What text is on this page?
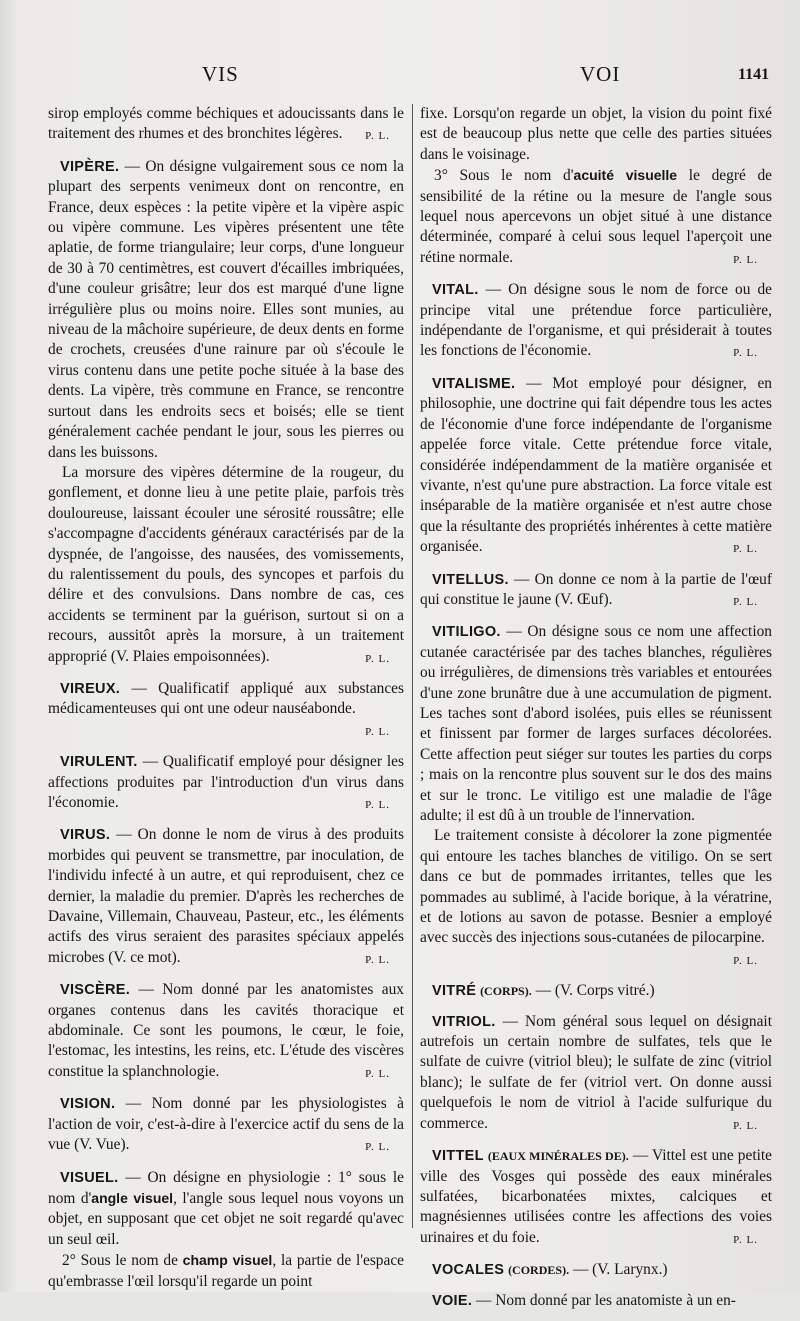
VIS	VOI	1141

sirop employés comme béchiques et adoucissants dans le traitement des rhumes et des bronchites légères. P. L.

VIPÈRE. — On désigne vulgairement sous ce nom la plupart des serpents venimeux dont on rencontre, en France, deux espèces : la petite vipère et la vipère aspic ou vipère commune. Les vipères présentent une tête aplatie, de forme triangulaire; leur corps, d'une longueur de 30 à 70 centimètres, est couvert d'écailles imbriquées, d'une couleur grisâtre; leur dos est marqué d'une ligne irrégulière plus ou moins noire. Elles sont munies, au niveau de la mâchoire supérieure, de deux dents en forme de crochets, creusées d'une rainure par où s'écoule le virus contenu dans une petite poche située à la base des dents. La vipère, très commune en France, se rencontre surtout dans les endroits secs et boisés; elle se tient généralement cachée pendant le jour, sous les pierres ou dans les buissons.

La morsure des vipères détermine de la rougeur, du gonflement, et donne lieu à une petite plaie, parfois très douloureuse, laissant écouler une sérosité roussâtre; elle s'accompagne d'accidents généraux caractérisés par de la dyspnée, de l'angoisse, des nausées, des vomissements, du ralentissement du pouls, des syncopes et parfois du délire et des convulsions. Dans nombre de cas, ces accidents se terminent par la guérison, surtout si on a recours, aussitôt après la morsure, à un traitement approprié (V. Plaies empoisonnées).	P. L.

VIREUX. — Qualificatif appliqué aux substances médicamenteuses qui ont une odeur nauséabonde.
P. L.

VIRULENT. — Qualificatif employé pour désigner les affections produites par l'introduction d'un virus dans l'économie.	P. L.

VIRUS. — On donne le nom de virus à des produits morbides qui peuvent se transmettre, par inoculation, de l'individu infecté à un autre, et qui reproduisent, chez ce dernier, la maladie du premier. D'après les recherches de Davaine, Villemain, Chauveau, Pasteur, etc., les éléments actifs des virus seraient des parasites spéciaux appelés microbes (V. ce mot).	P. L.

VISCÈRE. — Nom donné par les anatomistes aux organes contenus dans les cavités thoracique et abdominale. Ce sont les poumons, le cœur, le foie, l'estomac, les intestins, les reins, etc. L'étude des viscères constitue la splanchnologie.	P. L.

VISION. — Nom donné par les physiologistes à l'action de voir, c'est-à-dire à l'exercice actif du sens de la vue (V. Vue).	P. L.

VISUEL. — On désigne en physiologie : 1° sous le nom d'angle visuel, l'angle sous lequel nous voyons un objet, en supposant que cet objet ne soit regardé qu'avec un seul œil.

2° Sous le nom de champ visuel, la partie de l'espace qu'embrasse l'œil lorsqu'il regarde un point

fixe. Lorsqu'on regarde un objet, la vision du point fixé est de beaucoup plus nette que celle des parties situées dans le voisinage.

3° Sous le nom d'acuité visuelle le degré de sensibilité de la rétine ou la mesure de l'angle sous lequel nous apercevons un objet situé à une distance déterminée, comparé à celui sous lequel l'aperçoit une rétine normale.	P. L.

VITAL. — On désigne sous le nom de force ou de principe vital une prétendue force particulière, indépendante de l'organisme, et qui présiderait à toutes les fonctions de l'économie.	P. L.

VITALISME. — Mot employé pour désigner, en philosophie, une doctrine qui fait dépendre tous les actes de l'économie d'une force indépendante de l'organisme appelée force vitale. Cette prétendue force vitale, considérée indépendamment de la matière organisée et vivante, n'est qu'une pure abstraction. La force vitale est inséparable de la matière organisée et n'est autre chose que la résultante des propriétés inhérentes à cette matière organisée.	P. L.

VITELLUS. — On donne ce nom à la partie de l'œuf qui constitue le jaune (V. Œuf).	P. L.

VITILIGO. — On désigne sous ce nom une affection cutanée caractérisée par des taches blanches, régulières ou irrégulières, de dimensions très variables et entourées d'une zone brunâtre due à une accumulation de pigment. Les taches sont d'abord isolées, puis elles se réunissent et finissent par former de larges surfaces décolorées. Cette affection peut siéger sur toutes les parties du corps ; mais on la rencontre plus souvent sur le dos des mains et sur le tronc. Le vitiligo est une maladie de l'âge adulte; il est dû à un trouble de l'innervation.

Le traitement consiste à décolorer la zone pigmentée qui entoure les taches blanches de vitiligo. On se sert dans ce but de pommades irritantes, telles que les pommades au sublimé, à l'acide borique, à la vératrine, et de lotions au savon de potasse. Besnier a employé avec succès des injections sous-cutanées de pilocarpine.
P. L.

VITRÉ (CORPS). — (V. Corps vitré.)

VITRIOL. — Nom général sous lequel on désignait autrefois un certain nombre de sulfates, tels que le sulfate de cuivre (vitriol bleu); le sulfate de zinc (vitriol blanc); le sulfate de fer (vitriol vert. On donne aussi quelquefois le nom de vitriol à l'acide sulfurique du commerce.	P. L.

VITTEL (EAUX MINÉRALES DE). — Vittel est une petite ville des Vosges qui possède des eaux minérales sulfatées, bicarbonatées mixtes, calciques et magnésiennes utilisées contre les affections des voies urinaires et du foie.	P. L.

VOCALES (CORDES). — (V. Larynx.)

VOIE. — Nom donné par les anatomiste à un en-
